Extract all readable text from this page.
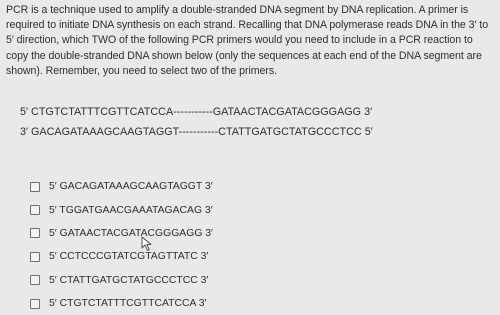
PCR is a technique used to amplify a double-stranded DNA segment by DNA replication. A primer is required to initiate DNA synthesis on each strand. Recalling that DNA polymerase reads DNA in the 3′ to 5′ direction, which TWO of the following PCR primers would you need to include in a PCR reaction to copy the double-stranded DNA shown below (only the sequences at each end of the DNA segment are shown). Remember, you need to select two of the primers.

5′ CTGTCTATTTCGTTCATCCA-----------GATAACTACGATACGGGAGG 3′
3′ GACAGATAAAGCAAGTAGGT-----------CTATTGATGCTATGCCCTCC 5′
5′ GACAGATAAAGCAAGTAGGT 3′
5′ TGGATGAACGAAATAGACAG 3′
5′ GATAACTACGATACGGGAGG 3′
5′ CCTCCCGTATCGTAGTTATC 3′
5′ CTATTGATGCTATGCCCTCC 3′
5′ CTGTCTATTTCGTTCATCCA 3′
